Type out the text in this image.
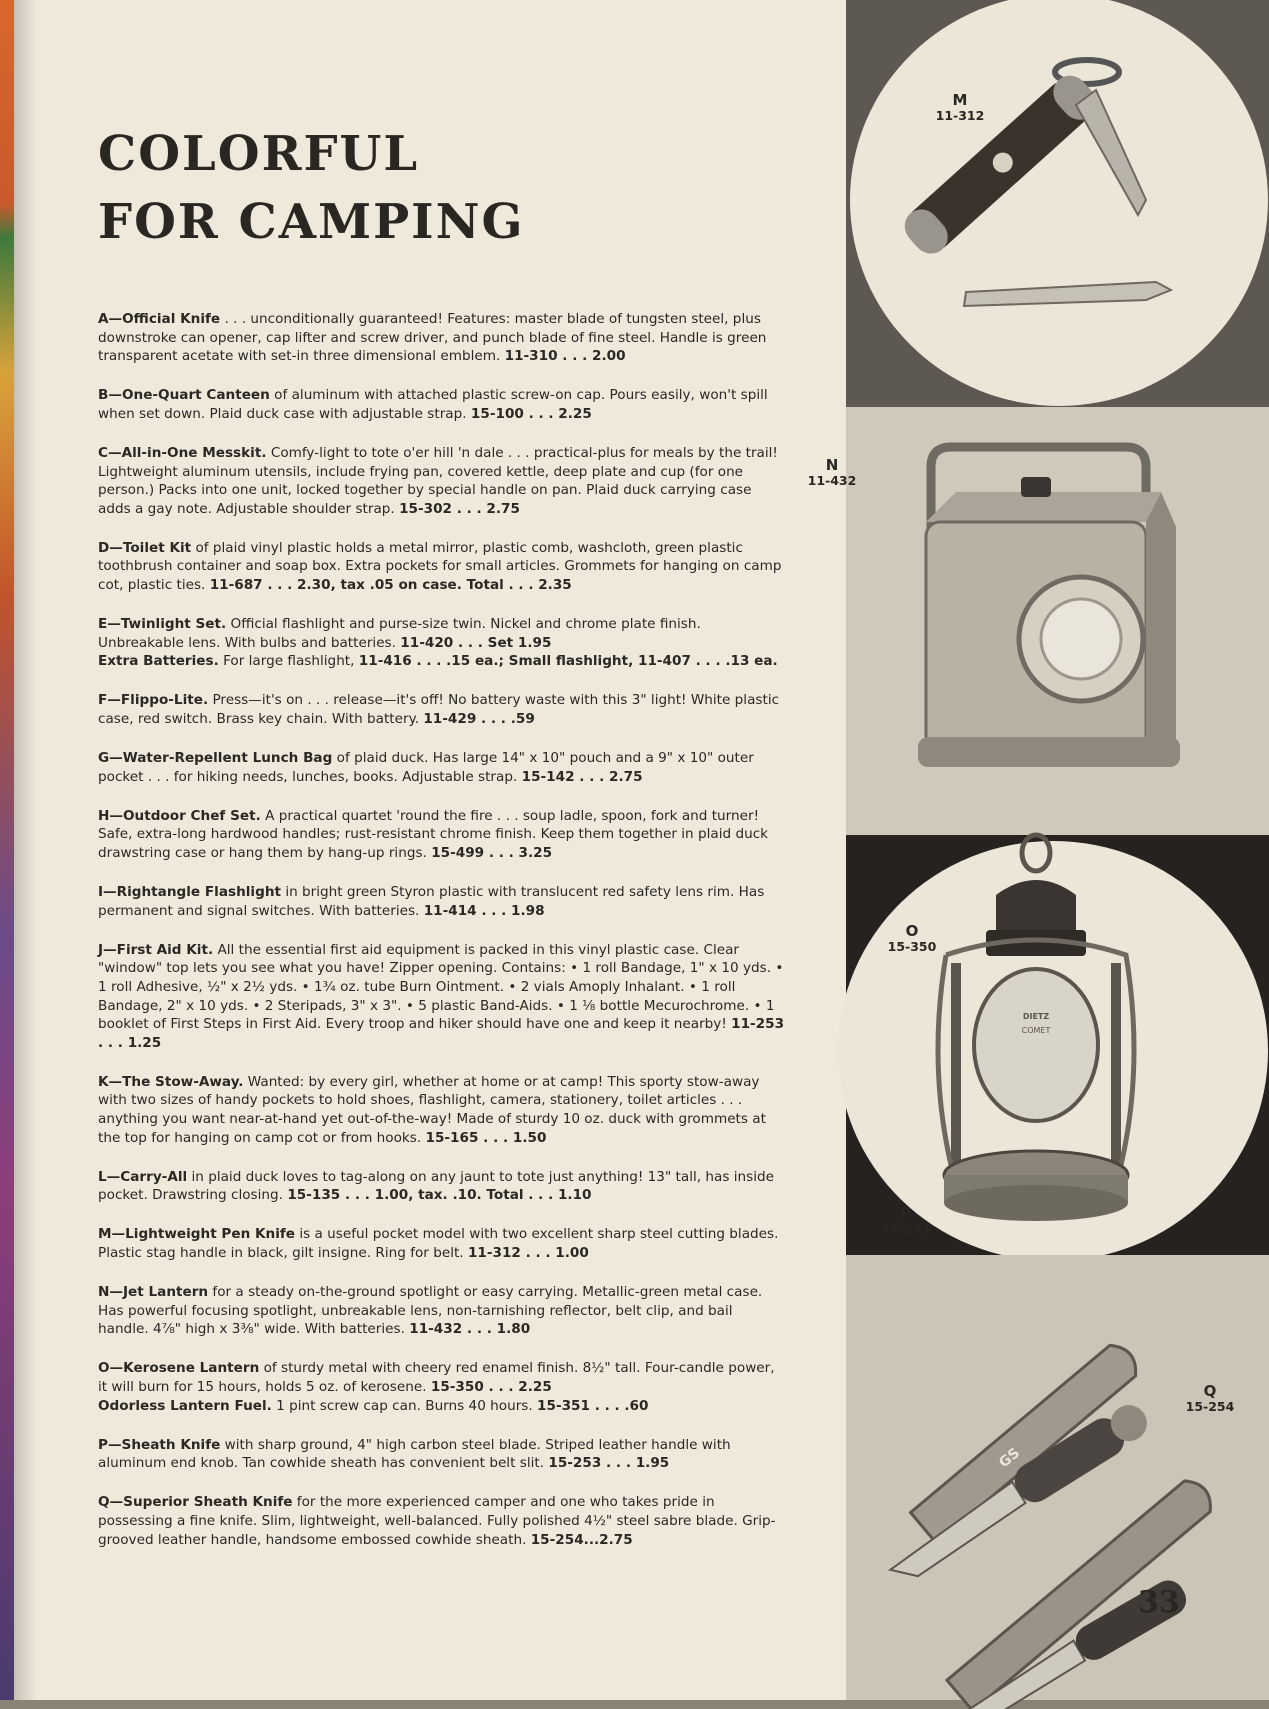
COLORFUL
FOR CAMPING

A—Official Knife . . . unconditionally guaranteed! Features: master blade of tungsten steel, plus downstroke can opener, cap lifter and screw driver, and punch blade of fine steel. Handle is green transparent acetate with set-in three dimensional emblem. 11-310 . . . 2.00

B—One-Quart Canteen of aluminum with attached plastic screw-on cap. Pours easily, won't spill when set down. Plaid duck case with adjustable strap. 15-100 . . . 2.25

C—All-in-One Messkit. Comfy-light to tote o'er hill 'n dale . . . practical-plus for meals by the trail! Lightweight aluminum utensils, include frying pan, covered kettle, deep plate and cup (for one person.) Packs into one unit, locked together by special handle on pan. Plaid duck carrying case adds a gay note. Adjustable shoulder strap. 15-302 . . . 2.75

D—Toilet Kit of plaid vinyl plastic holds a metal mirror, plastic comb, washcloth, green plastic toothbrush container and soap box. Extra pockets for small articles. Grommets for hanging on camp cot, plastic ties. 11-687 . . . 2.30, tax .05 on case. Total . . . 2.35

E—Twinlight Set. Official flashlight and purse-size twin. Nickel and chrome plate finish. Unbreakable lens. With bulbs and batteries. 11-420 . . . Set 1.95

Extra Batteries. For large flashlight, 11-416 . . . .15 ea.; Small flashlight, 11-407 . . . .13 ea.

F—Flippo-Lite. Press—it's on . . . release—it's off! No battery waste with this 3" light! White plastic case, red switch. Brass key chain. With battery. 11-429 . . . .59

G—Water-Repellent Lunch Bag of plaid duck. Has large 14" x 10" pouch and a 9" x 10" outer pocket . . . for hiking needs, lunches, books. Adjustable strap. 15-142 . . . 2.75

H—Outdoor Chef Set. A practical quartet 'round the fire . . . soup ladle, spoon, fork and turner! Safe, extra-long hardwood handles; rust-resistant chrome finish. Keep them together in plaid duck drawstring case or hang them by hang-up rings. 15-499 . . . 3.25

I—Rightangle Flashlight in bright green Styron plastic with translucent red safety lens rim. Has permanent and signal switches. With batteries. 11-414 . . . 1.98

J—First Aid Kit. All the essential first aid equipment is packed in this vinyl plastic case. Clear "window" top lets you see what you have! Zipper opening. Contains: • 1 roll Bandage, 1" x 10 yds. • 1 roll Adhesive, ½" x 2½ yds. • 1¾ oz. tube Burn Ointment. • 2 vials Amoply Inhalant. • 1 roll Bandage, 2" x 10 yds. • 2 Steripads, 3" x 3". • 5 plastic Band-Aids. • 1 ⅛ bottle Mecurochrome. • 1 booklet of First Steps in First Aid. Every troop and hiker should have one and keep it nearby! 11-253 . . . 1.25

K—The Stow-Away. Wanted: by every girl, whether at home or at camp! This sporty stow-away with two sizes of handy pockets to hold shoes, flashlight, camera, stationery, toilet articles . . . anything you want near-at-hand yet out-of-the-way! Made of sturdy 10 oz. duck with grommets at the top for hanging on camp cot or from hooks. 15-165 . . . 1.50

L—Carry-All in plaid duck loves to tag-along on any jaunt to tote just anything! 13" tall, has inside pocket. Drawstring closing. 15-135 . . . 1.00, tax. .10. Total . . . 1.10

M—Lightweight Pen Knife is a useful pocket model with two excellent sharp steel cutting blades. Plastic stag handle in black, gilt insigne. Ring for belt. 11-312 . . . 1.00

N—Jet Lantern for a steady on-the-ground spotlight or easy carrying. Metallic-green metal case. Has powerful focusing spotlight, unbreakable lens, non-tarnishing reflector, belt clip, and bail handle. 4⅞" high x 3⅜" wide. With batteries. 11-432 . . . 1.80

O—Kerosene Lantern of sturdy metal with cheery red enamel finish. 8½" tall. Four-candle power, it will burn for 15 hours, holds 5 oz. of kerosene. 15-350 . . . 2.25

Odorless Lantern Fuel. 1 pint screw cap can. Burns 40 hours. 15-351 . . . .60

P—Sheath Knife with sharp ground, 4" high carbon steel blade. Striped leather handle with aluminum end knob. Tan cowhide sheath has convenient belt slit. 15-253 . . . 1.95

Q—Superior Sheath Knife for the more experienced camper and one who takes pride in possessing a fine knife. Slim, lightweight, well-balanced. Fully polished 4½" steel sabre blade. Grip-grooved leather handle, handsome embossed cowhide sheath. 15-254...2.75

M
11-312
N
11-432
DIETZ
COMET
O
15-350
GS
P
15-253
Q
15-254
33
